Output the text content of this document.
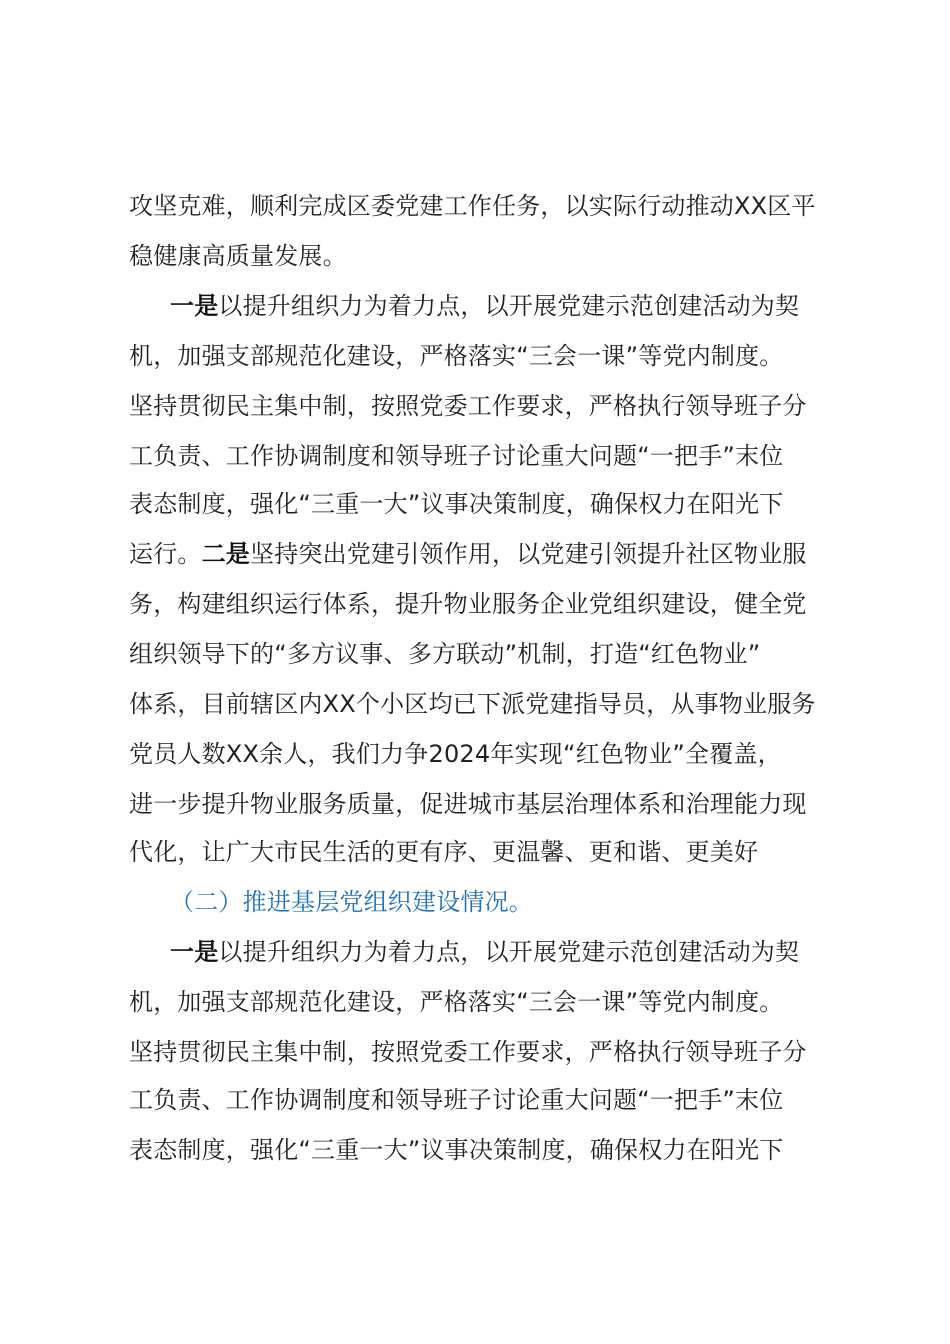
攻坚克难，顺利完成区委党建工作任务，以实际行动推动XX区平
稳健康高质量发展。
一是以提升组织力为着力点，以开展党建示范创建活动为契
机，加强支部规范化建设，严格落实“三会一课”等党内制度。
坚持贯彻民主集中制，按照党委工作要求，严格执行领导班子分
工负责、工作协调制度和领导班子讨论重大问题“一把手”末位
表态制度，强化“三重一大”议事决策制度，确保权力在阳光下
运行。二是坚持突出党建引领作用，以党建引领提升社区物业服
务，构建组织运行体系，提升物业服务企业党组织建设，健全党
组织领导下的“多方议事、多方联动”机制，打造“红色物业”
体系，目前辖区内XX个小区均已下派党建指导员，从事物业服务
党员人数XX余人，我们力争2024年实现“红色物业”全覆盖，
进一步提升物业服务质量，促进城市基层治理体系和治理能力现
代化，让广大市民生活的更有序、更温馨、更和谐、更美好
（二）推进基层党组织建设情况。
一是以提升组织力为着力点，以开展党建示范创建活动为契
机，加强支部规范化建设，严格落实“三会一课”等党内制度。
坚持贯彻民主集中制，按照党委工作要求，严格执行领导班子分
工负责、工作协调制度和领导班子讨论重大问题“一把手”末位
表态制度，强化“三重一大”议事决策制度，确保权力在阳光下
